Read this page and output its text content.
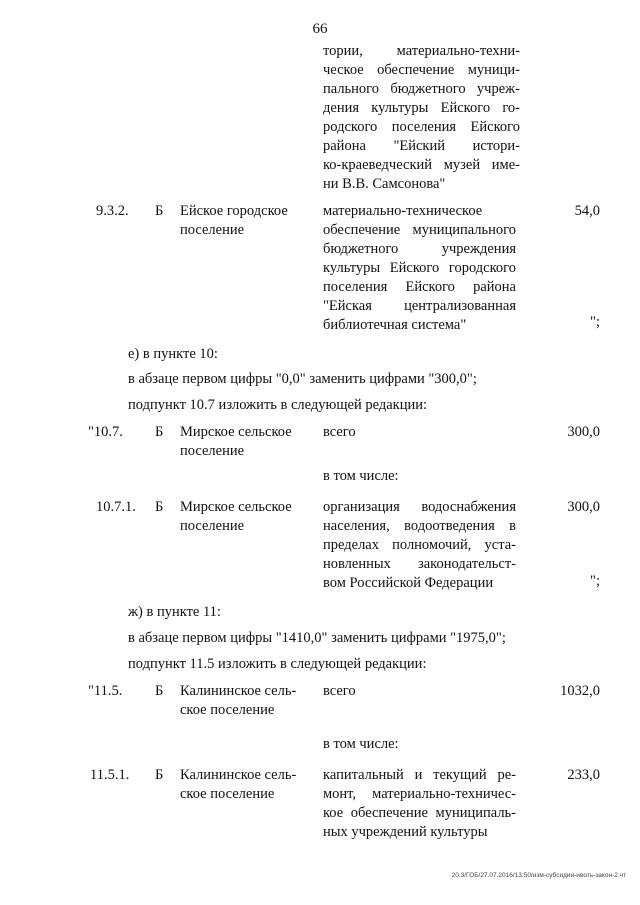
66
тории, материально-техни-
ческое обеспечение муници-
пального бюджетного учреж-
дения культуры Ейского го-
родского поселения Ейского
района "Ейский истори-
ко-краеведческий музей име-
ни В.В. Самсонова"
9.3.2. Б Ейское городское
поселение
материально-техническое
обеспечение муниципального
бюджетного учреждения
культуры Ейского городского
поселения Ейского района
"Ейская централизованная
библиотечная система"
54,0
";
е) в пункте 10:
в абзаце первом цифры "0,0" заменить цифрами "300,0";
подпункт 10.7 изложить в следующей редакции:
"10.7. Б Мирское сельское
поселение
всего	300,0
в том числе:
10.7.1. Б Мирское сельское
поселение
организация водоснабжения
населения, водоотведения в
пределах полномочий, уста-
новленных законодательст-
вом Российской Федерации
300,0
";
ж) в пункте 11:
в абзаце первом цифры "1410,0" заменить цифрами "1975,0";
подпункт 11.5 изложить в следующей редакции:
"11.5. Б Калининское сель-
ское поселение
всего	1032,0
в том числе:
11.5.1. Б Калининское сель-
ское поселение
капитальный и текущий ре-
монт, материально-техничес-
кое обеспечение муниципаль-
ных учреждений культуры
233,0
20.3/ГОБ/27.07.2016/13:50/изм-субсидии-ивоть-закон-2.чт
